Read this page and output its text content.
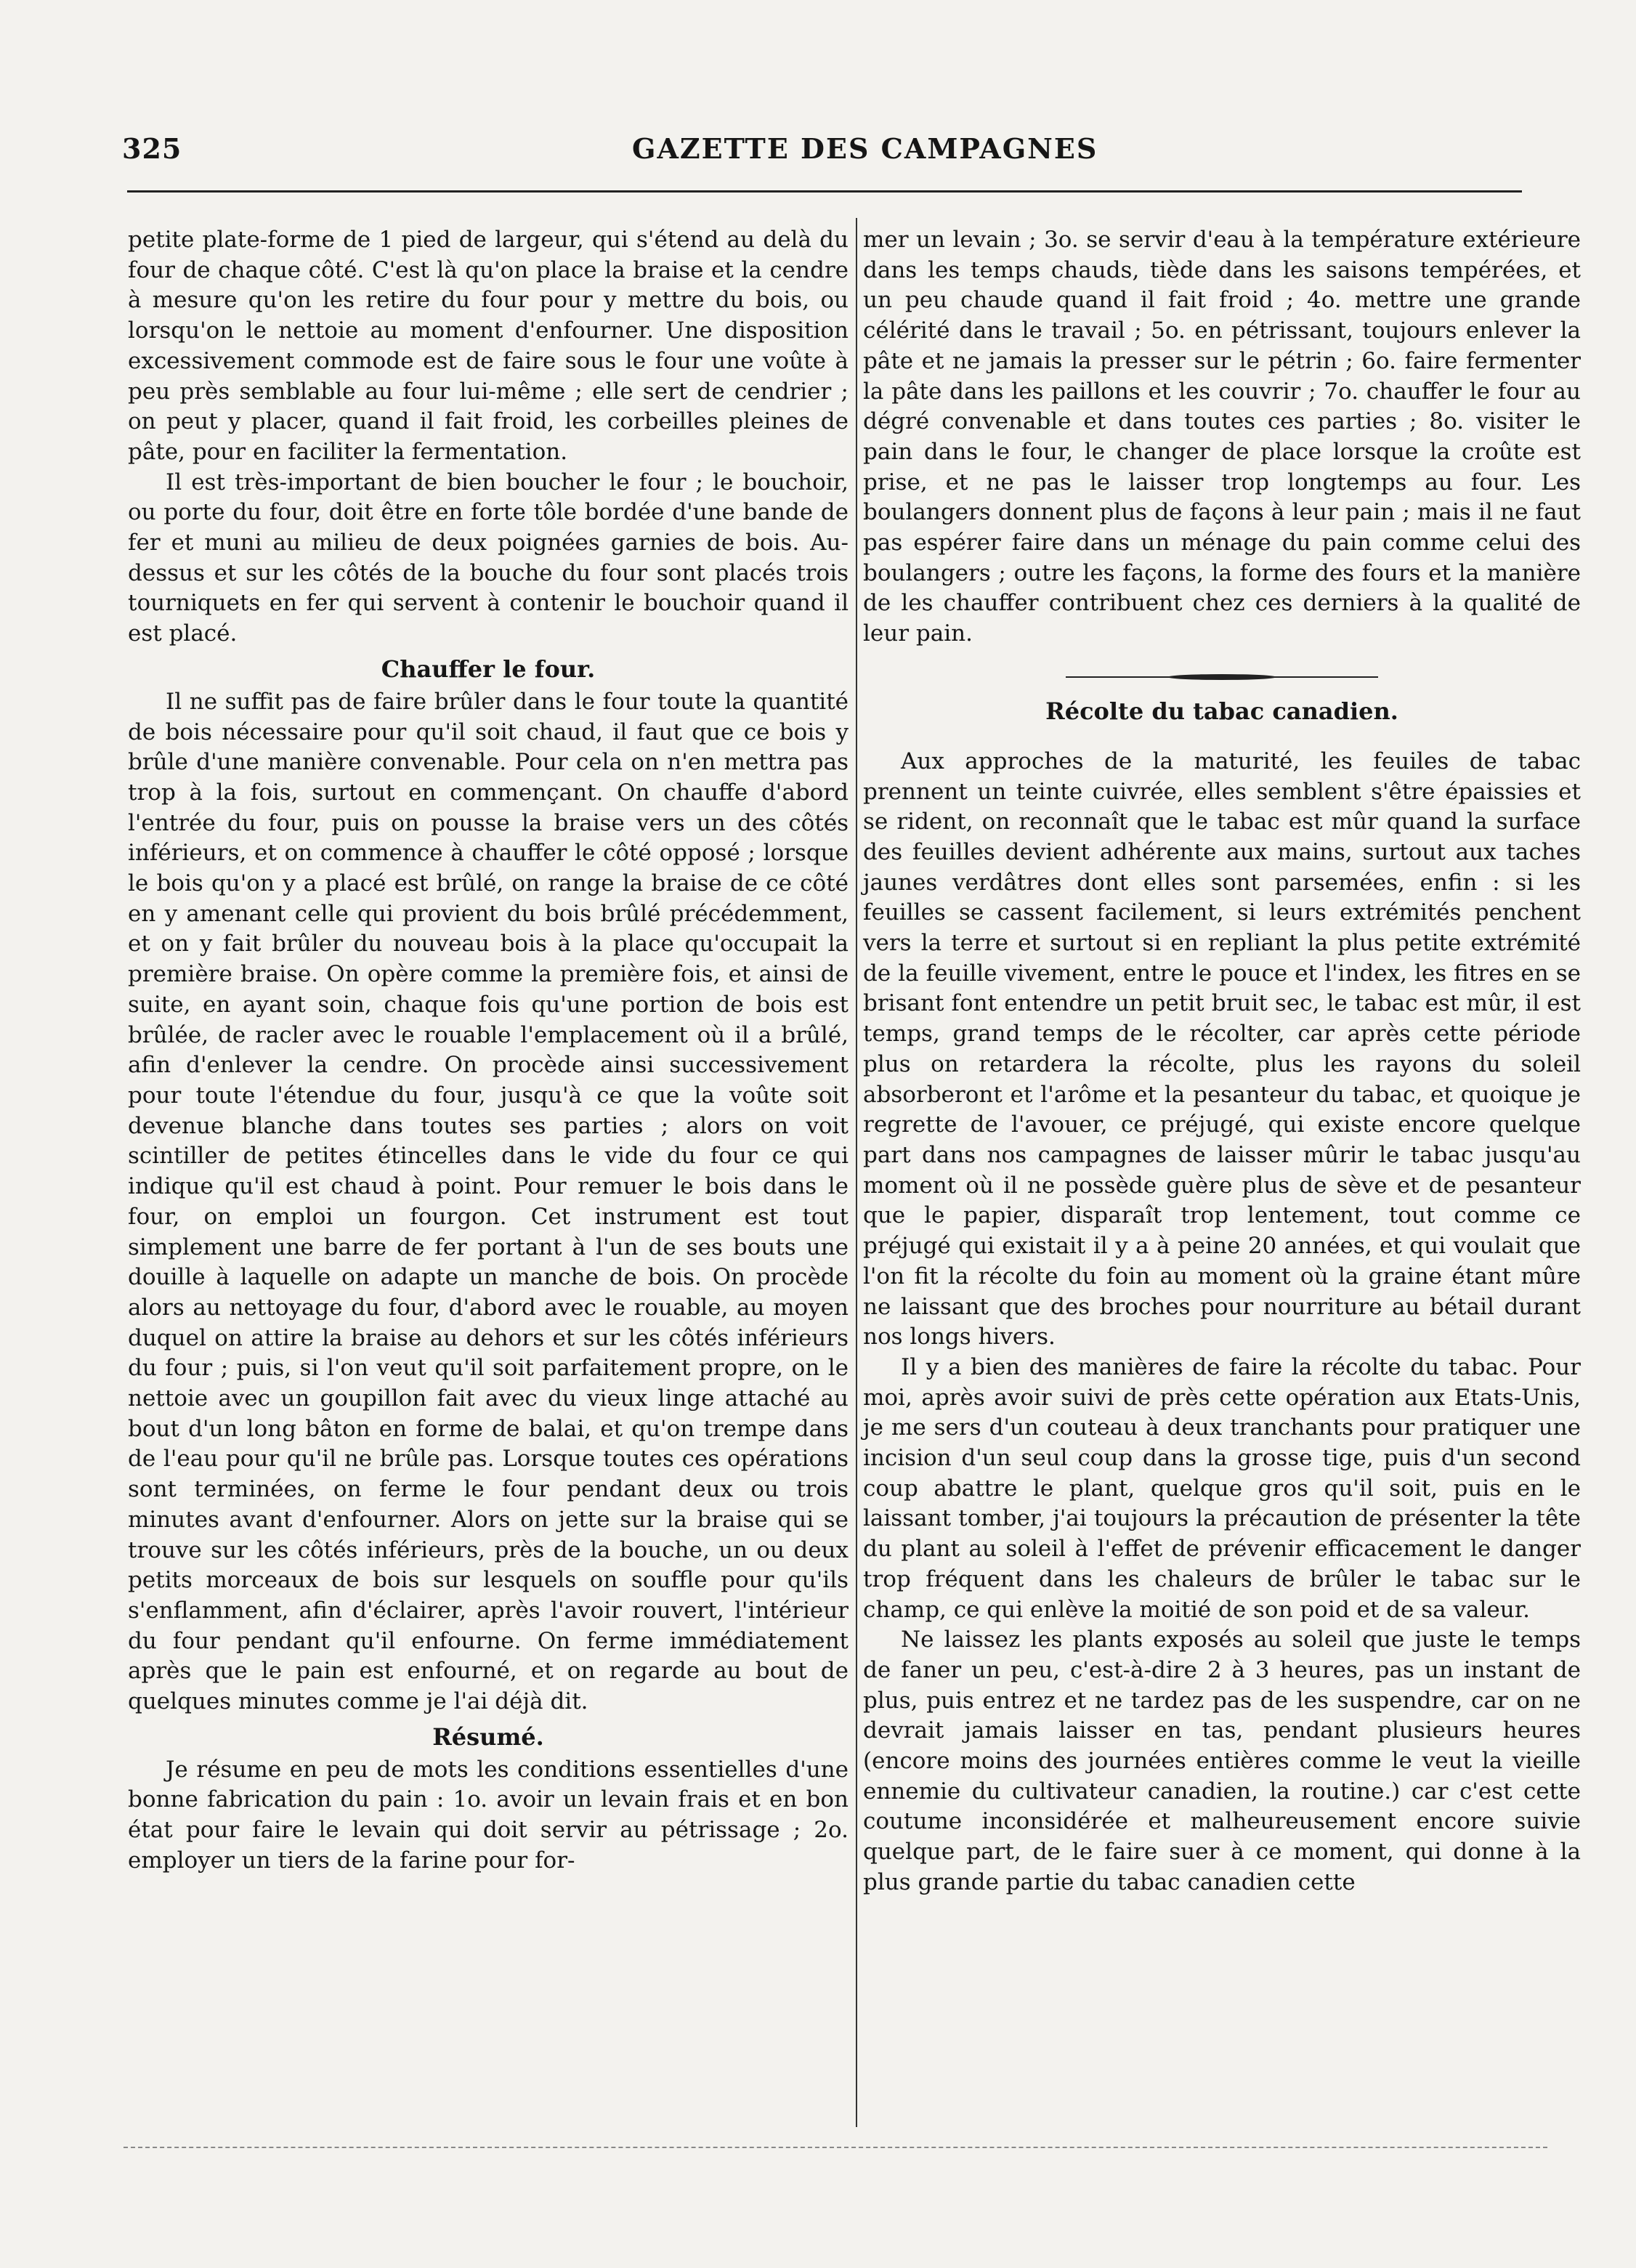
325	GAZETTE DES CAMPAGNES

petite plate-forme de 1 pied de largeur, qui s'étend au delà du four de chaque côté. C'est là qu'on place la braise et la cendre à mesure qu'on les retire du four pour y mettre du bois, ou lorsqu'on le nettoie au moment d'enfourner. Une disposition excessivement commode est de faire sous le four une voûte à peu près semblable au four lui-même ; elle sert de cendrier ; on peut y placer, quand il fait froid, les corbeilles pleines de pâte, pour en faciliter la fermentation.

Il est très-important de bien boucher le four ; le bouchoir, ou porte du four, doit être en forte tôle bordée d'une bande de fer et muni au milieu de deux poignées garnies de bois. Au-dessus et sur les côtés de la bouche du four sont placés trois tourniquets en fer qui servent à contenir le bouchoir quand il est placé.

Chauffer le four.

Il ne suffit pas de faire brûler dans le four toute la quantité de bois nécessaire pour qu'il soit chaud, il faut que ce bois y brûle d'une manière convenable. Pour cela on n'en mettra pas trop à la fois, surtout en commençant. On chauffe d'abord l'entrée du four, puis on pousse la braise vers un des côtés inférieurs, et on commence à chauffer le côté opposé ; lorsque le bois qu'on y a placé est brûlé, on range la braise de ce côté en y amenant celle qui provient du bois brûlé précédemment, et on y fait brûler du nouveau bois à la place qu'occupait la première braise. On opère comme la première fois, et ainsi de suite, en ayant soin, chaque fois qu'une portion de bois est brûlée, de racler avec le rouable l'emplacement où il a brûlé, afin d'enlever la cendre. On procède ainsi successivement pour toute l'étendue du four, jusqu'à ce que la voûte soit devenue blanche dans toutes ses parties ; alors on voit scintiller de petites étincelles dans le vide du four ce qui indique qu'il est chaud à point. Pour remuer le bois dans le four, on emploi un fourgon. Cet instrument est tout simplement une barre de fer portant à l'un de ses bouts une douille à laquelle on adapte un manche de bois. On procède alors au nettoyage du four, d'abord avec le rouable, au moyen duquel on attire la braise au dehors et sur les côtés inférieurs du four ; puis, si l'on veut qu'il soit parfaitement propre, on le nettoie avec un goupillon fait avec du vieux linge attaché au bout d'un long bâton en forme de balai, et qu'on trempe dans de l'eau pour qu'il ne brûle pas. Lorsque toutes ces opérations sont terminées, on ferme le four pendant deux ou trois minutes avant d'enfourner. Alors on jette sur la braise qui se trouve sur les côtés inférieurs, près de la bouche, un ou deux petits morceaux de bois sur lesquels on souffle pour qu'ils s'enflamment, afin d'éclairer, après l'avoir rouvert, l'intérieur du four pendant qu'il enfourne. On ferme immédiatement après que le pain est enfourné, et on regarde au bout de quelques minutes comme je l'ai déjà dit.

Résumé.

Je résume en peu de mots les conditions essentielles d'une bonne fabrication du pain : 1o. avoir un levain frais et en bon état pour faire le levain qui doit servir au pétrissage ; 2o. employer un tiers de la farine pour for-

mer un levain ; 3o. se servir d'eau à la température extérieure dans les temps chauds, tiède dans les saisons tempérées, et un peu chaude quand il fait froid ; 4o. mettre une grande célérité dans le travail ; 5o. en pétrissant, toujours enlever la pâte et ne jamais la presser sur le pétrin ; 6o. faire fermenter la pâte dans les paillons et les couvrir ; 7o. chauffer le four au dégré convenable et dans toutes ces parties ; 8o. visiter le pain dans le four, le changer de place lorsque la croûte est prise, et ne pas le laisser trop longtemps au four. Les boulangers donnent plus de façons à leur pain ; mais il ne faut pas espérer faire dans un ménage du pain comme celui des boulangers ; outre les façons, la forme des fours et la manière de les chauffer contribuent chez ces derniers à la qualité de leur pain.

Récolte du tabac canadien.

Aux approches de la maturité, les feuiles de tabac prennent un teinte cuivrée, elles semblent s'être épaissies et se rident, on reconnaît que le tabac est mûr quand la surface des feuilles devient adhérente aux mains, surtout aux taches jaunes verdâtres dont elles sont parsemées, enfin : si les feuilles se cassent facilement, si leurs extrémités penchent vers la terre et surtout si en repliant la plus petite extrémité de la feuille vivement, entre le pouce et l'index, les fitres en se brisant font entendre un petit bruit sec, le tabac est mûr, il est temps, grand temps de le récolter, car après cette période plus on retardera la récolte, plus les rayons du soleil absorberont et l'arôme et la pesanteur du tabac, et quoique je regrette de l'avouer, ce préjugé, qui existe encore quelque part dans nos campagnes de laisser mûrir le tabac jusqu'au moment où il ne possède guère plus de sève et de pesanteur que le papier, disparaît trop lentement, tout comme ce préjugé qui existait il y a à peine 20 années, et qui voulait que l'on fit la récolte du foin au moment où la graine étant mûre ne laissant que des broches pour nourriture au bétail durant nos longs hivers.

Il y a bien des manières de faire la récolte du tabac. Pour moi, après avoir suivi de près cette opération aux Etats-Unis, je me sers d'un couteau à deux tranchants pour pratiquer une incision d'un seul coup dans la grosse tige, puis d'un second coup abattre le plant, quelque gros qu'il soit, puis en le laissant tomber, j'ai toujours la précaution de présenter la tête du plant au soleil à l'effet de prévenir efficacement le danger trop fréquent dans les chaleurs de brûler le tabac sur le champ, ce qui enlève la moitié de son poid et de sa valeur.

Ne laissez les plants exposés au soleil que juste le temps de faner un peu, c'est-à-dire 2 à 3 heures, pas un instant de plus, puis entrez et ne tardez pas de les suspendre, car on ne devrait jamais laisser en tas, pendant plusieurs heures (encore moins des journées entières comme le veut la vieille ennemie du cultivateur canadien, la routine.) car c'est cette coutume inconsidérée et malheureusement encore suivie quelque part, de le faire suer à ce moment, qui donne à la plus grande partie du tabac canadien cette
